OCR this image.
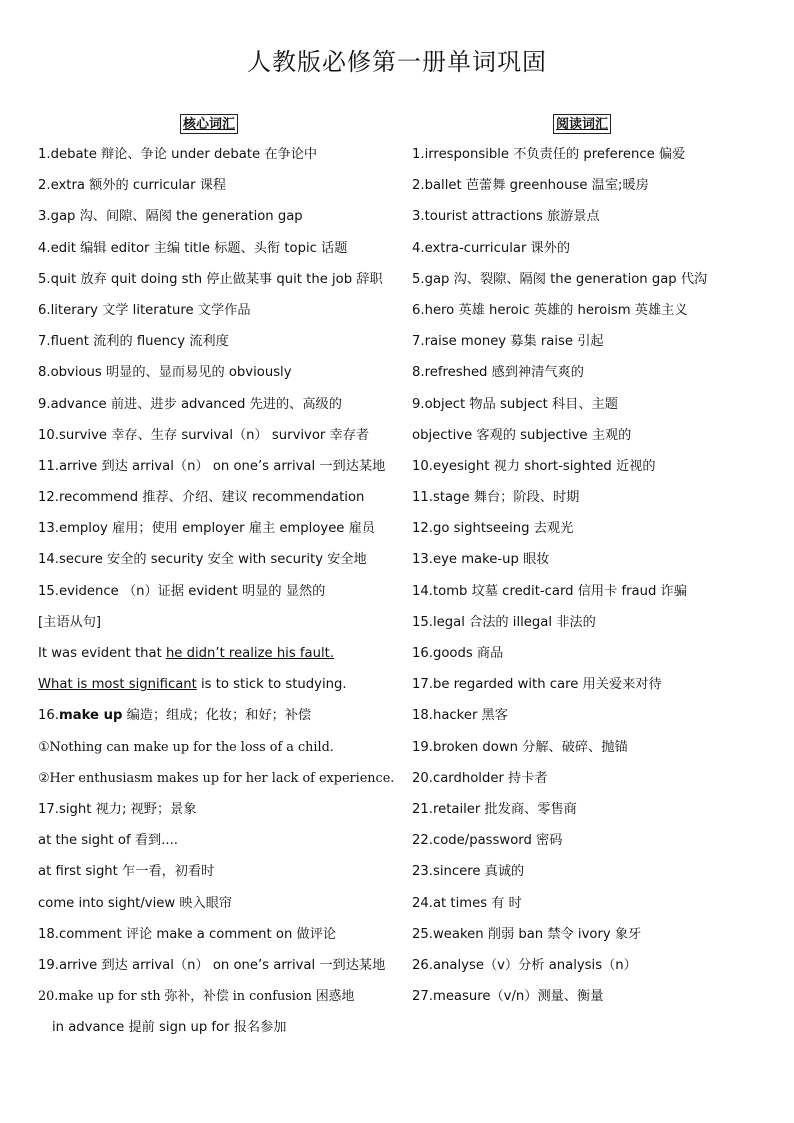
人教版必修第一册单词巩固
核心词汇
1.debate 辩论、争论 under debate 在争论中
2.extra 额外的 curricular 课程
3.gap 沟、间隙、隔阂 the generation gap
4.edit 编辑 editor 主编 title 标题、头衔 topic 话题
5.quit 放弃 quit doing sth 停止做某事 quit the job 辞职
6.literary 文学 literature 文学作品
7.fluent 流利的 fluency 流利度
8.obvious 明显的、显而易见的 obviously
9.advance 前进、进步 advanced 先进的、高级的
10.survive 幸存、生存 survival（n） survivor 幸存者
11.arrive 到达 arrival（n） on one’s arrival 一到达某地
12.recommend 推荐、介绍、建议 recommendation
13.employ 雇用；使用 employer 雇主 employee 雇员
14.secure 安全的 security 安全 with security 安全地
15.evidence （n）证据 evident 明显的 显然的
[主语从句]
It was evident that he didn’t realize his fault.
What is most significant is to stick to studying.
16.make up 编造；组成；化妆；和好；补偿
①Nothing can make up for the loss of a child.
②Her enthusiasm makes up for her lack of experience.
17.sight 视力; 视野；景象
at the sight of 看到....
at first sight 乍一看，初看时
come into sight/view 映入眼帘
18.comment 评论 make a comment on 做评论
19.arrive 到达 arrival（n） on one’s arrival 一到达某地
20.make up for sth 弥补，补偿 in confusion 困惑地
in advance 提前 sign up for 报名参加
阅读词汇
1.irresponsible 不负责任的 preference 偏爱
2.ballet 芭蕾舞 greenhouse 温室;暖房
3.tourist attractions 旅游景点
4.extra-curricular 课外的
5.gap 沟、裂隙、隔阂 the generation gap 代沟
6.hero 英雄 heroic 英雄的 heroism 英雄主义
7.raise money 募集 raise 引起
8.refreshed 感到神清气爽的
9.object 物品 subject 科目、主题
objective 客观的 subjective 主观的
10.eyesight 视力 short-sighted 近视的
11.stage 舞台；阶段、时期
12.go sightseeing 去观光
13.eye make-up 眼妆
14.tomb 坟墓 credit-card 信用卡 fraud 诈骗
15.legal 合法的 illegal 非法的
16.goods 商品
17.be regarded with care 用关爱来对待
18.hacker 黑客
19.broken down 分解、破碎、抛锚
20.cardholder 持卡者
21.retailer 批发商、零售商
22.code/password 密码
23.sincere 真诚的
24.at times 有 时
25.weaken 削弱 ban 禁令 ivory 象牙
26.analyse（v）分析 analysis（n）
27.measure（v/n）测量、衡量
